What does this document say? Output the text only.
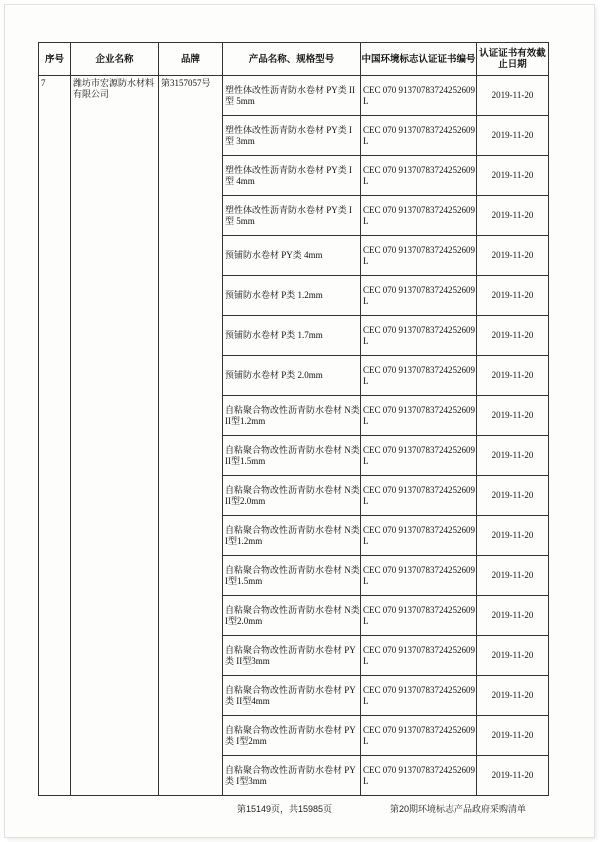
序号	企业名称	品牌	产品名称、规格型号	中国环境标志认证证书编号	认证证书有效截止日期
7	潍坊市宏源防水材料有限公司	第3157057号	塑性体改性沥青防水卷材 PY类 II型 5mm	CEC 070 91370783724252609L	2019-11-20
			塑性体改性沥青防水卷材 PY类 I型 3mm	CEC 070 91370783724252609L	2019-11-20
			塑性体改性沥青防水卷材 PY类 I型 4mm	CEC 070 91370783724252609L	2019-11-20
			塑性体改性沥青防水卷材 PY类 I型 5mm	CEC 070 91370783724252609L	2019-11-20
			预铺防水卷材 PY类 4mm	CEC 070 91370783724252609L	2019-11-20
			预铺防水卷材 P类 1.2mm	CEC 070 91370783724252609L	2019-11-20
			预铺防水卷材 P类 1.7mm	CEC 070 91370783724252609L	2019-11-20
			预铺防水卷材 P类 2.0mm	CEC 070 91370783724252609L	2019-11-20
			自粘聚合物改性沥青防水卷材 N类 II型1.2mm	CEC 070 91370783724252609L	2019-11-20
			自粘聚合物改性沥青防水卷材 N类 II型1.5mm	CEC 070 91370783724252609L	2019-11-20
			自粘聚合物改性沥青防水卷材 N类 II型2.0mm	CEC 070 91370783724252609L	2019-11-20
			自粘聚合物改性沥青防水卷材 N类 I型1.2mm	CEC 070 91370783724252609L	2019-11-20
			自粘聚合物改性沥青防水卷材 N类 I型1.5mm	CEC 070 91370783724252609L	2019-11-20
			自粘聚合物改性沥青防水卷材 N类 I型2.0mm	CEC 070 91370783724252609L	2019-11-20
			自粘聚合物改性沥青防水卷材 PY类 II型3mm	CEC 070 91370783724252609L	2019-11-20
			自粘聚合物改性沥青防水卷材 PY类 II型4mm	CEC 070 91370783724252609L	2019-11-20
			自粘聚合物改性沥青防水卷材 PY类 I型2mm	CEC 070 91370783724252609L	2019-11-20
			自粘聚合物改性沥青防水卷材 PY类 I型3mm	CEC 070 91370783724252609L	2019-11-20
第15149页，共15985页	第20期环境标志产品政府采购清单
